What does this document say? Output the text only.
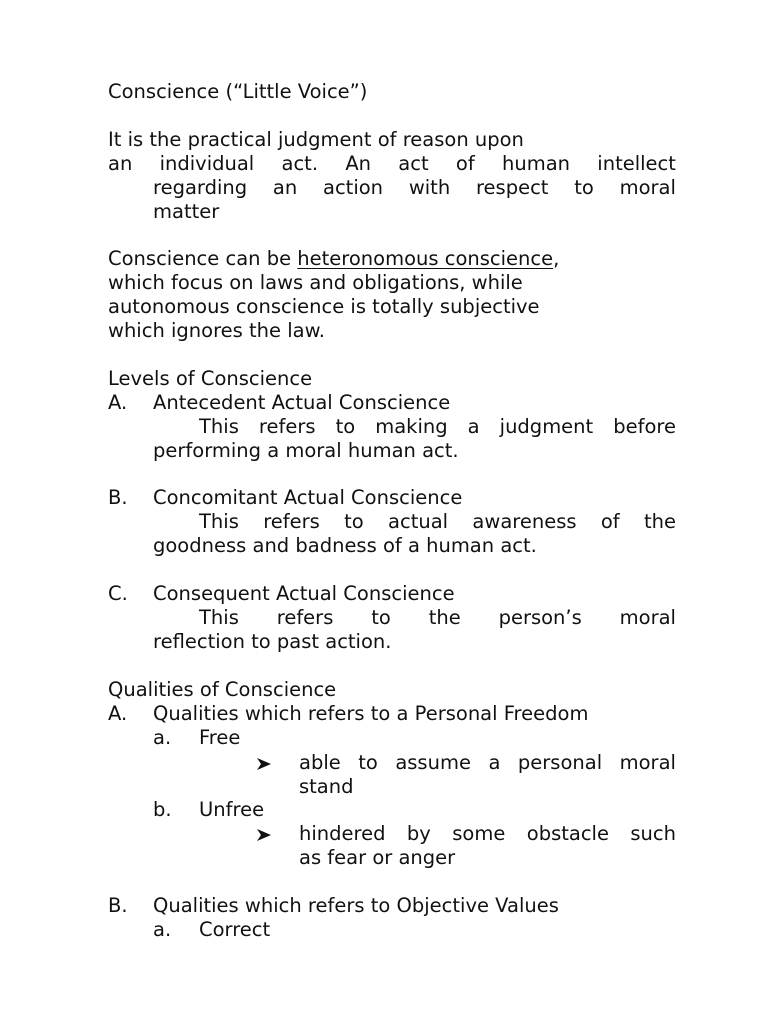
Conscience (“Little Voice”)
It is the practical judgment of reason upon
an individual act. An act of human intellect
regarding an action with respect to moral
matter
Conscience can be heteronomous conscience,
which focus on laws and obligations, while
autonomous conscience is totally subjective
which ignores the law.
Levels of Conscience
A. Antecedent Actual Conscience
This refers to making a judgment before
performing a moral human act.
B. Concomitant Actual Conscience
This refers to actual awareness of the
goodness and badness of a human act.
C. Consequent Actual Conscience
This refers to the person’s moral
reflection to past action.
Qualities of Conscience
A. Qualities which refers to a Personal Freedom
a. Free
able to assume a personal moral
stand
b. Unfree
hindered by some obstacle such
as fear or anger
B. Qualities which refers to Objective Values
a. Correct
